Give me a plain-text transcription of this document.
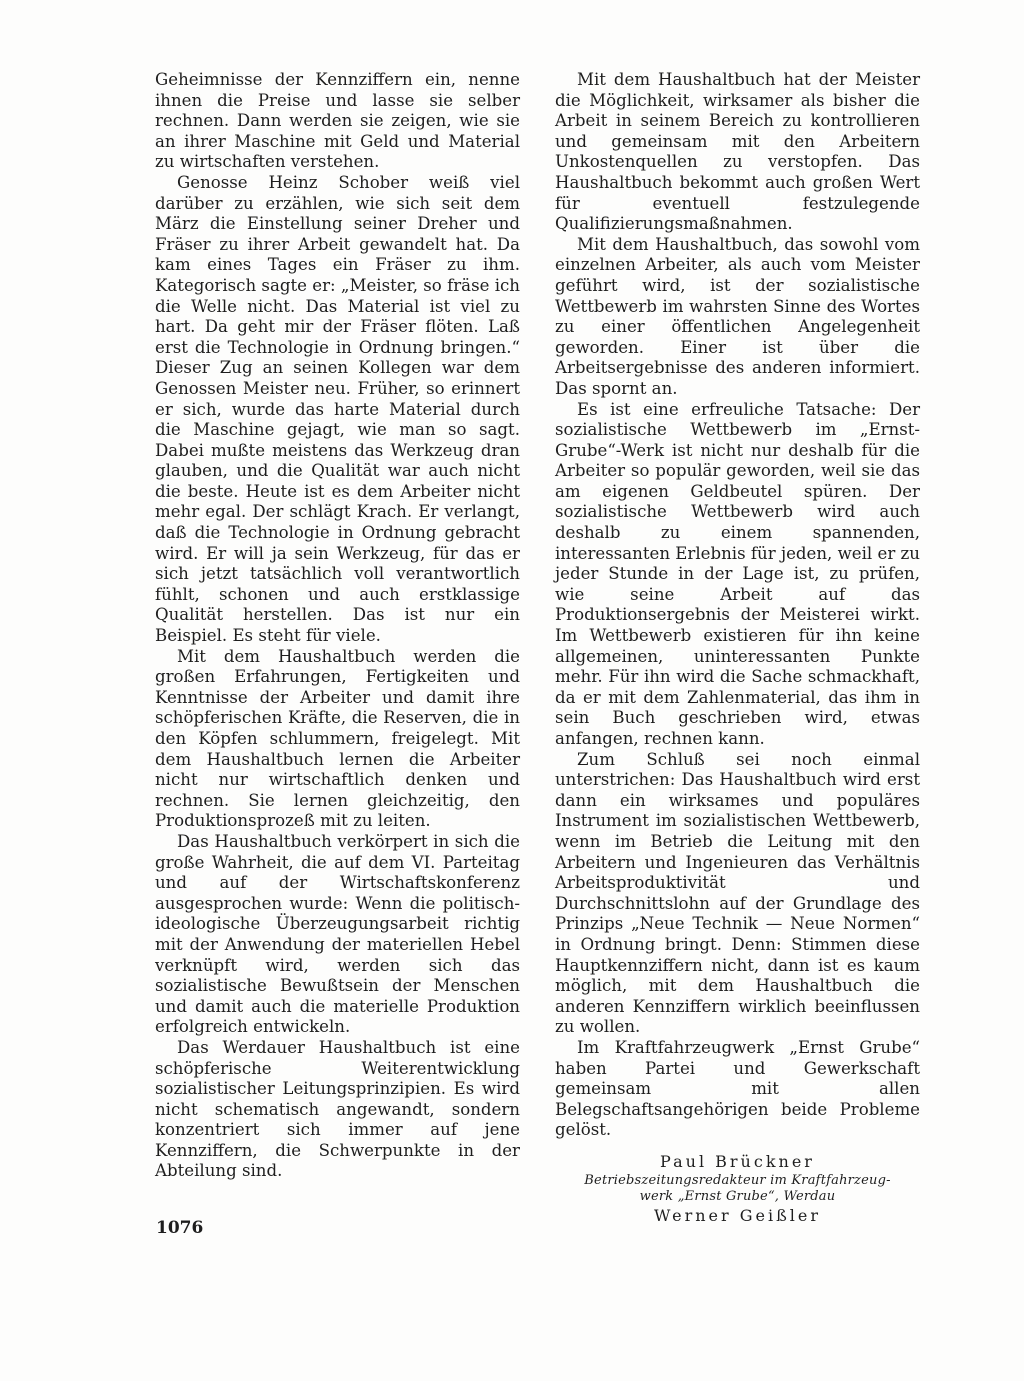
Geheimnisse der Kennziffern ein, nenne ihnen die Preise und lasse sie selber rechnen. Dann werden sie zeigen, wie sie an ihrer Maschine mit Geld und Material zu wirtschaften verstehen.

Genosse Heinz Schober weiß viel darüber zu erzählen, wie sich seit dem März die Einstellung seiner Dreher und Fräser zu ihrer Arbeit gewandelt hat. Da kam eines Tages ein Fräser zu ihm. Kategorisch sagte er: „Meister, so fräse ich die Welle nicht. Das Material ist viel zu hart. Da geht mir der Fräser flöten. Laß erst die Technologie in Ordnung bringen.“ Dieser Zug an seinen Kollegen war dem Genossen Meister neu. Früher, so erinnert er sich, wurde das harte Material durch die Maschine gejagt, wie man so sagt. Dabei mußte meistens das Werkzeug dran glauben, und die Qualität war auch nicht die beste. Heute ist es dem Arbeiter nicht mehr egal. Der schlägt Krach. Er verlangt, daß die Technologie in Ordnung gebracht wird. Er will ja sein Werkzeug, für das er sich jetzt tatsächlich voll verantwortlich fühlt, schonen und auch erstklassige Qualität herstellen. Das ist nur ein Beispiel. Es steht für viele.

Mit dem Haushaltbuch werden die großen Erfahrungen, Fertigkeiten und Kenntnisse der Arbeiter und damit ihre schöpferischen Kräfte, die Reserven, die in den Köpfen schlummern, freigelegt. Mit dem Haushaltbuch lernen die Arbeiter nicht nur wirtschaftlich denken und rechnen. Sie lernen gleichzeitig, den Produktionsprozeß mit zu leiten.

Das Haushaltbuch verkörpert in sich die große Wahrheit, die auf dem VI. Parteitag und auf der Wirtschaftskonferenz ausgesprochen wurde: Wenn die politisch-ideologische Überzeugungsarbeit richtig mit der Anwendung der materiellen Hebel verknüpft wird, werden sich das sozialistische Bewußtsein der Menschen und damit auch die materielle Produktion erfolgreich entwickeln.

Das Werdauer Haushaltbuch ist eine schöpferische Weiterentwicklung sozialistischer Leitungsprinzipien. Es wird nicht schematisch angewandt, sondern konzentriert sich immer auf jene Kennziffern, die Schwerpunkte in der Abteilung sind.

Mit dem Haushaltbuch hat der Meister die Möglichkeit, wirksamer als bisher die Arbeit in seinem Bereich zu kontrollieren und gemeinsam mit den Arbeitern Unkostenquellen zu verstopfen. Das Haushaltbuch bekommt auch großen Wert für eventuell festzulegende Qualifizierungsmaßnahmen.

Mit dem Haushaltbuch, das sowohl vom einzelnen Arbeiter, als auch vom Meister geführt wird, ist der sozialistische Wettbewerb im wahrsten Sinne des Wortes zu einer öffentlichen Angelegenheit geworden. Einer ist über die Arbeitsergebnisse des anderen informiert. Das spornt an.

Es ist eine erfreuliche Tatsache: Der sozialistische Wettbewerb im „Ernst-Grube“-Werk ist nicht nur deshalb für die Arbeiter so populär geworden, weil sie das am eigenen Geldbeutel spüren. Der sozialistische Wettbewerb wird auch deshalb zu einem spannenden, interessanten Erlebnis für jeden, weil er zu jeder Stunde in der Lage ist, zu prüfen, wie seine Arbeit auf das Produktionsergebnis der Meisterei wirkt. Im Wettbewerb existieren für ihn keine allgemeinen, uninteressanten Punkte mehr. Für ihn wird die Sache schmackhaft, da er mit dem Zahlenmaterial, das ihm in sein Buch geschrieben wird, etwas anfangen, rechnen kann.

Zum Schluß sei noch einmal unterstrichen: Das Haushaltbuch wird erst dann ein wirksames und populäres Instrument im sozialistischen Wettbewerb, wenn im Betrieb die Leitung mit den Arbeitern und Ingenieuren das Verhältnis Arbeitsproduktivität und Durchschnittslohn auf der Grundlage des Prinzips „Neue Technik — Neue Normen“ in Ordnung bringt. Denn: Stimmen diese Hauptkennziffern nicht, dann ist es kaum möglich, mit dem Haushaltbuch die anderen Kennziffern wirklich beeinflussen zu wollen.

Im Kraftfahrzeugwerk „Ernst Grube“ haben Partei und Gewerkschaft gemeinsam mit allen Belegschaftsangehörigen beide Probleme gelöst.

Paul Brückner
Betriebszeitungsredakteur im Kraftfahrzeug-
werk „Ernst Grube“, Werdau
Werner Geißler
1076
